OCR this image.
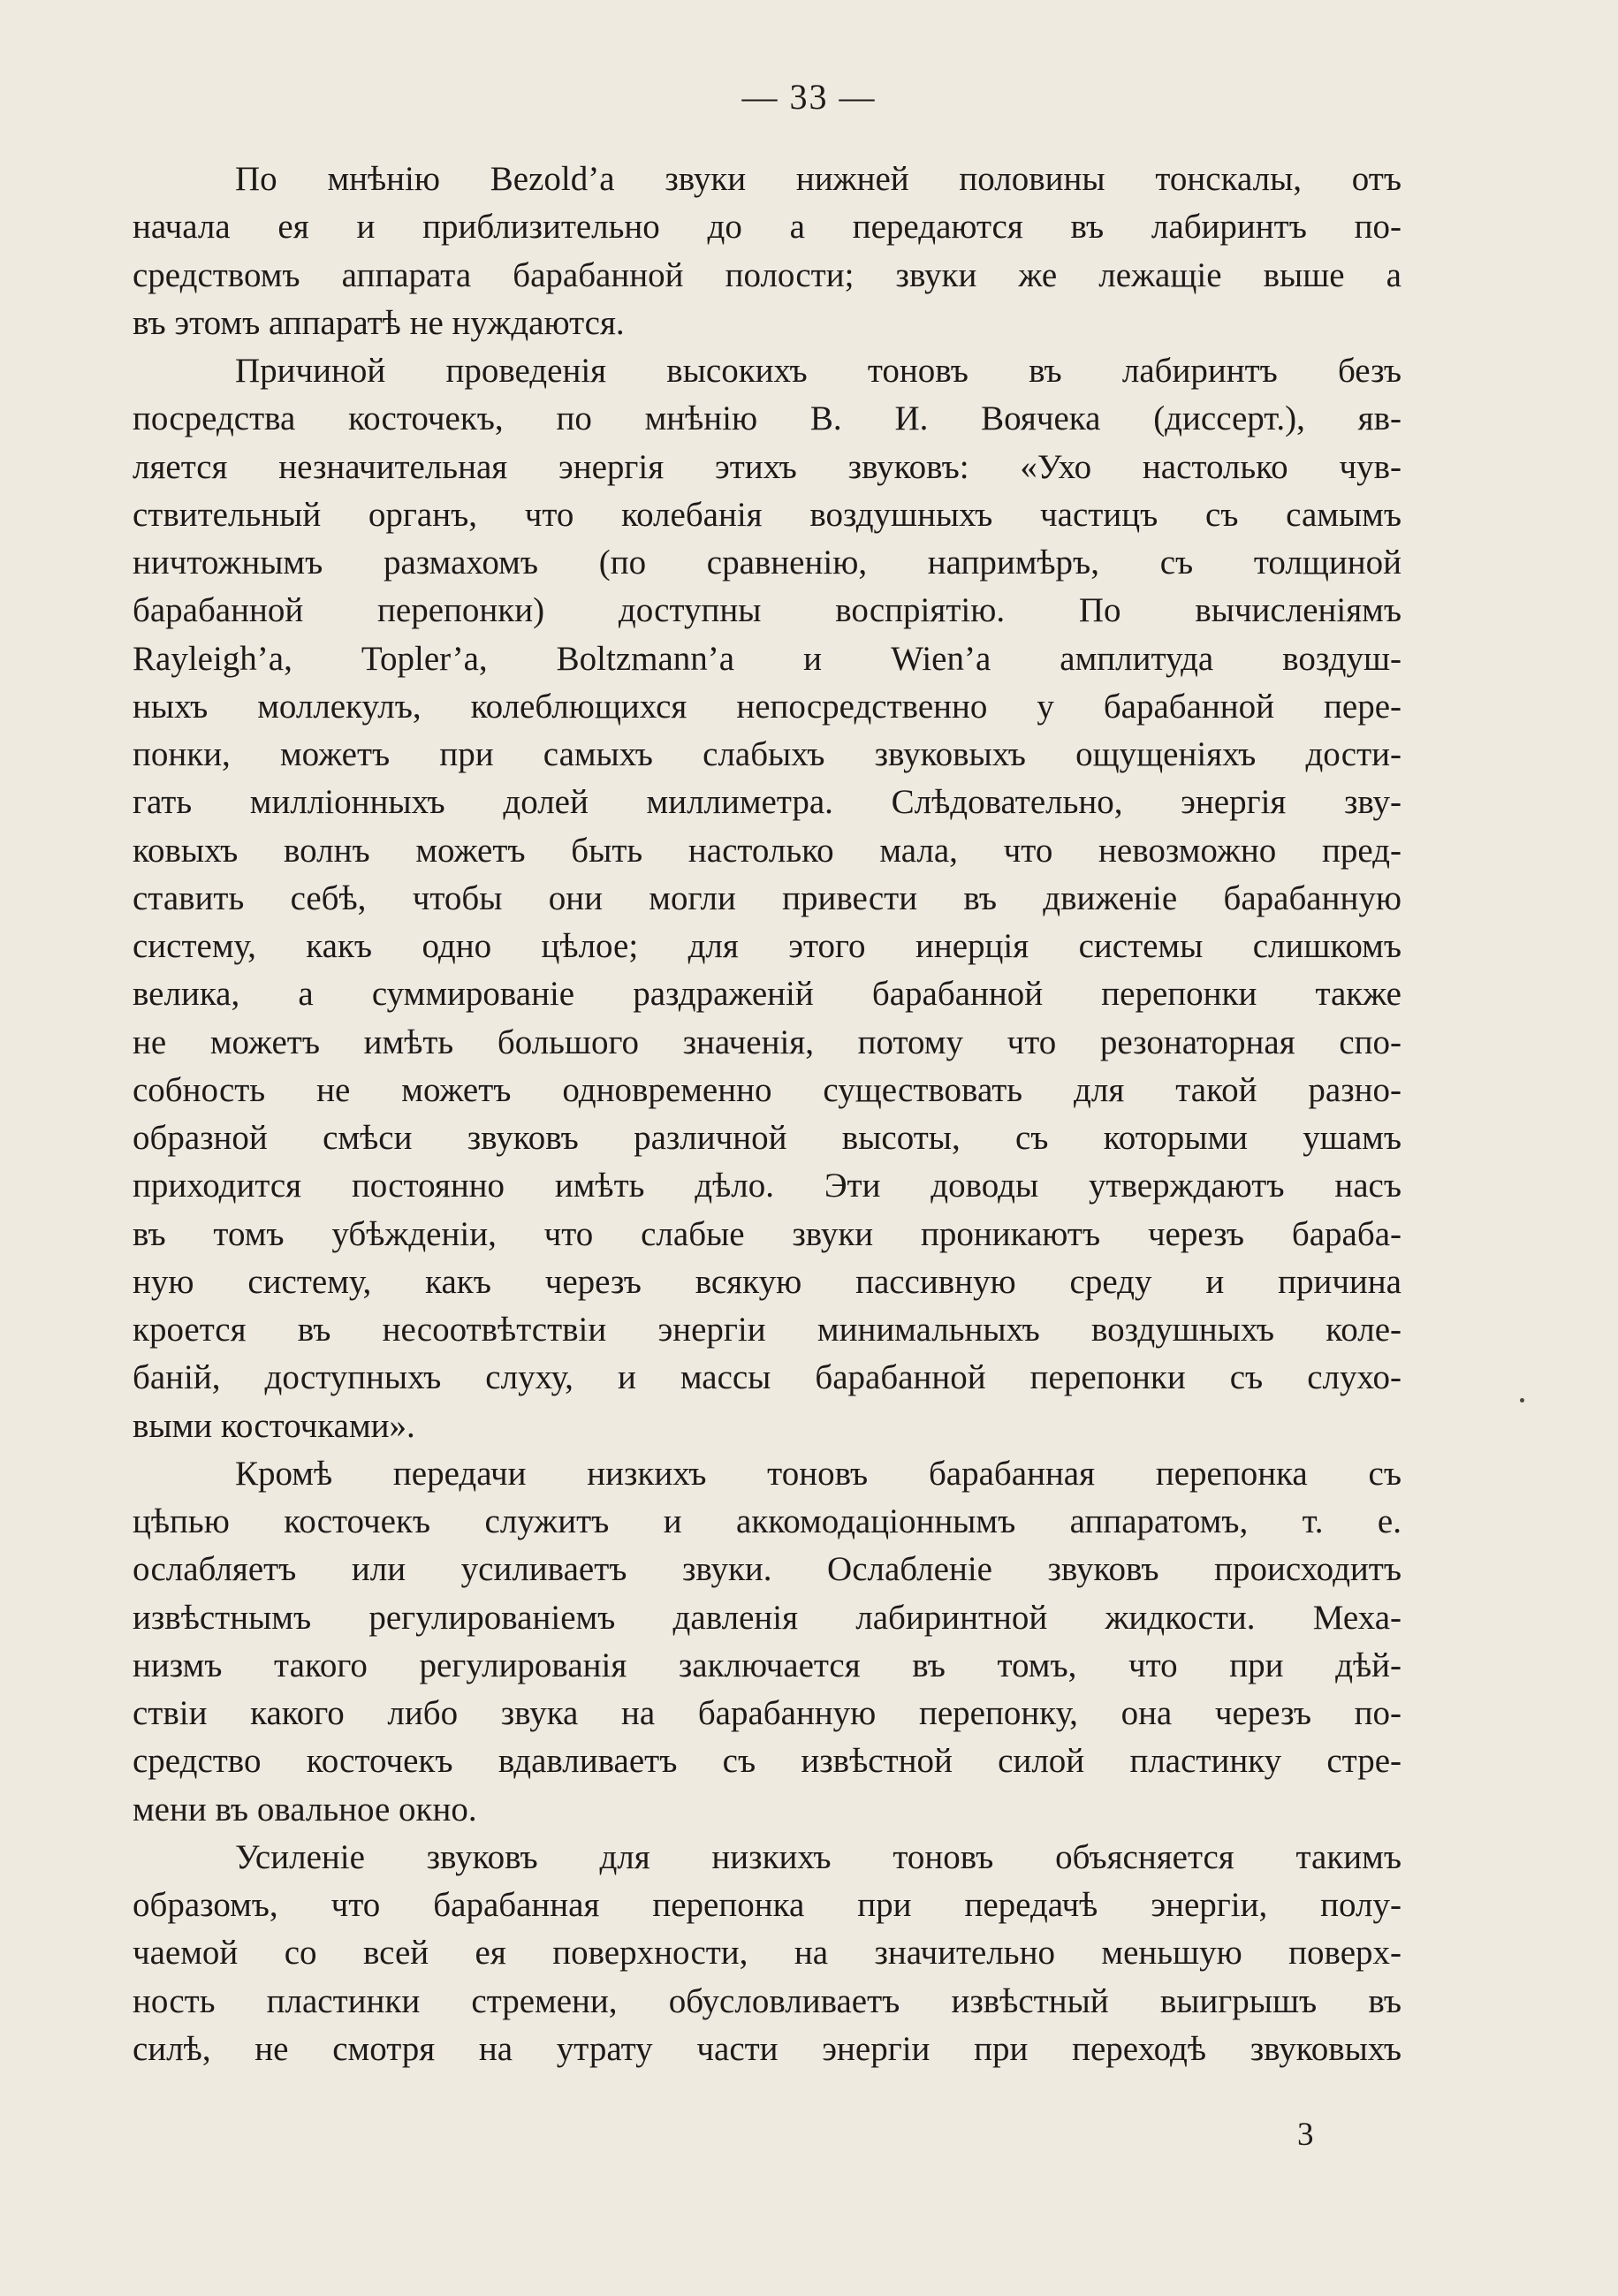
— 33 —

По мнѣнію Bezold’а звуки нижней половины тонскалы, отъ
начала ея и приблизительно до a передаются въ лабиринтъ по-
средствомъ аппарата барабанной полости; звуки же лежащіе выше a
въ этомъ аппаратѣ не нуждаются.

Причиной проведенія высокихъ тоновъ въ лабиринтъ безъ
посредства косточекъ, по мнѣнію В. И. Воячека (диссерт.), яв-
ляется незначительная энергія этихъ звуковъ: «Ухо настолько чув-
ствительный органъ, что колебанія воздушныхъ частицъ съ самымъ
ничтожнымъ размахомъ (по сравненію, напримѣръ, съ толщиной
барабанной перепонки) доступны воспріятію. По вычисленіямъ
Rayleigh’а, Topler’а, Boltzmann’а и Wien’а амплитуда воздуш-
ныхъ моллекулъ, колеблющихся непосредственно у барабанной пере-
понки, можетъ при самыхъ слабыхъ звуковыхъ ощущеніяхъ дости-
гать милліонныхъ долей миллиметра. Слѣдовательно, энергія зву-
ковыхъ волнъ можетъ быть настолько мала, что невозможно пред-
ставить себѣ, чтобы они могли привести въ движеніе барабанную
систему, какъ одно цѣлое; для этого инерція системы слишкомъ
велика, а суммированіе раздраженій барабанной перепонки также
не можетъ имѣть большого значенія, потому что резонаторная спо-
собность не можетъ одновременно существовать для такой разно-
образной смѣси звуковъ различной высоты, съ которыми ушамъ
приходится постоянно имѣть дѣло. Эти доводы утверждаютъ насъ
въ томъ убѣжденіи, что слабые звуки проникаютъ черезъ бараба-
ную систему, какъ черезъ всякую пассивную среду и причина
кроется въ несоотвѣтствіи энергіи минимальныхъ воздушныхъ коле-
баній, доступныхъ слуху, и массы барабанной перепонки съ слухо-
выми косточками».

Кромѣ передачи низкихъ тоновъ барабанная перепонка съ
цѣпью косточекъ служитъ и аккомодаціоннымъ аппаратомъ, т. е.
ослабляетъ или усиливаетъ звуки. Ослабленіе звуковъ происходитъ
извѣстнымъ регулированіемъ давленія лабиринтной жидкости. Меха-
низмъ такого регулированія заключается въ томъ, что при дѣй-
ствіи какого либо звука на барабанную перепонку, она черезъ по-
средство косточекъ вдавливаетъ съ извѣстной силой пластинку стре-
мени въ овальное окно.

Усиленіе звуковъ для низкихъ тоновъ объясняется такимъ
образомъ, что барабанная перепонка при передачѣ энергіи, полу-
чаемой со всей ея поверхности, на значительно меньшую поверх-
ность пластинки стремени, обусловливаетъ извѣстный выигрышъ въ
силѣ, не смотря на утрату части энергіи при переходѣ звуковыхъ

3
